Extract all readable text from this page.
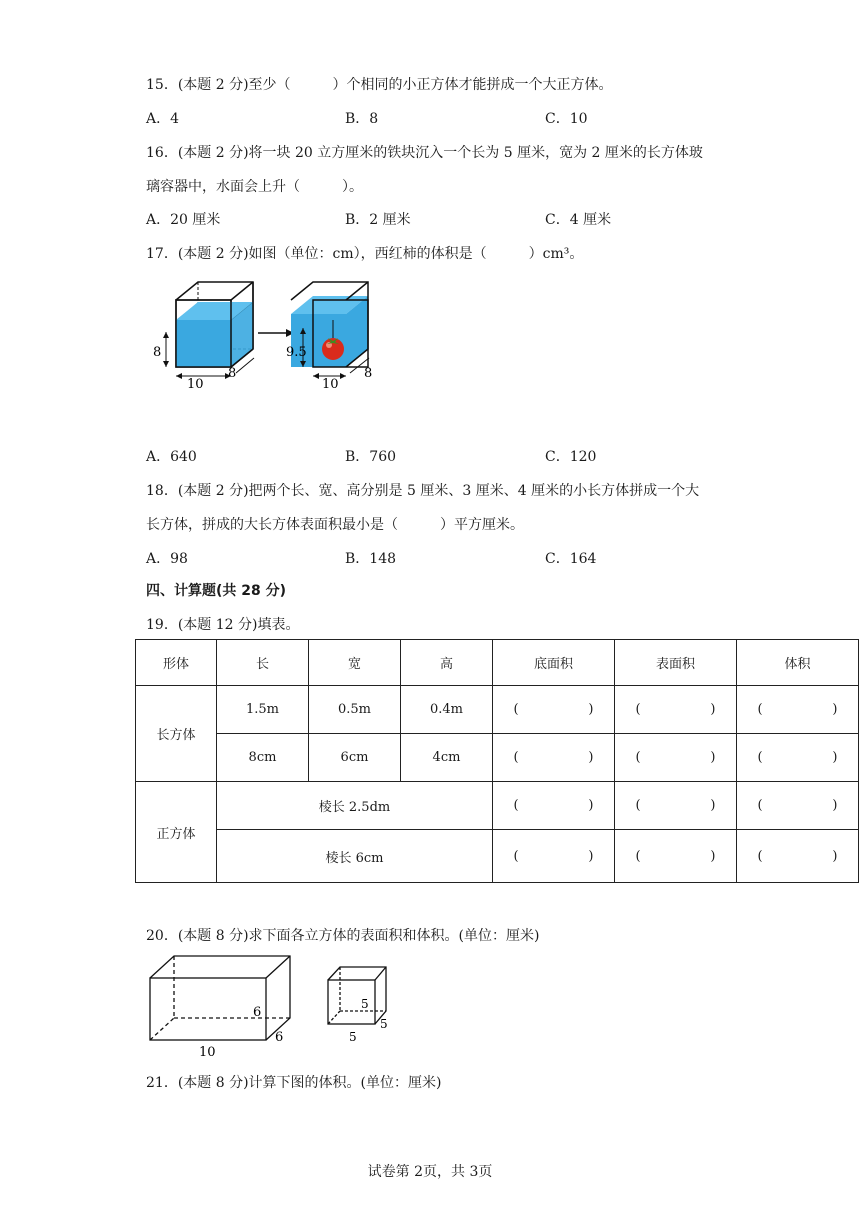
15．(本题 2 分)至少（　　　）个相同的小正方体才能拼成一个大正方体。
A．4	B．8	C．10
16．(本题 2 分)将一块 20 立方厘米的铁块沉入一个长为 5 厘米，宽为 2 厘米的长方体玻
璃容器中，水面会上升（　　　）。
A．20 厘米	B．2 厘米	C．4 厘米
17．(本题 2 分)如图（单位：cm），西红柿的体积是（　　　）cm³。
8
10
8
9.5
10
8
A．640	B．760	C．120
18．(本题 2 分)把两个长、宽、高分别是 5 厘米、3 厘米、4 厘米的小长方体拼成一个大
长方体，拼成的大长方体表面积最小是（　　　）平方厘米。
A．98	B．148	C．164
四、计算题(共 28 分)
19．(本题 12 分)填表。
形体	长	宽	高	底面积	表面积	体积
长方体	1.5m	0.5m	0.4m	( )	( )	( )

	8cm	6cm	4cm	( )	( )	( )

正方体	棱长 2.5dm			( )	( )	( )

	棱长 6cm			( )	( )	( )
20．(本题 8 分)求下面各立方体的表面积和体积。(单位：厘米)
6
6
10
5
5
5
21．(本题 8 分)计算下图的体积。(单位：厘米)
试卷第 2页，共 3页
